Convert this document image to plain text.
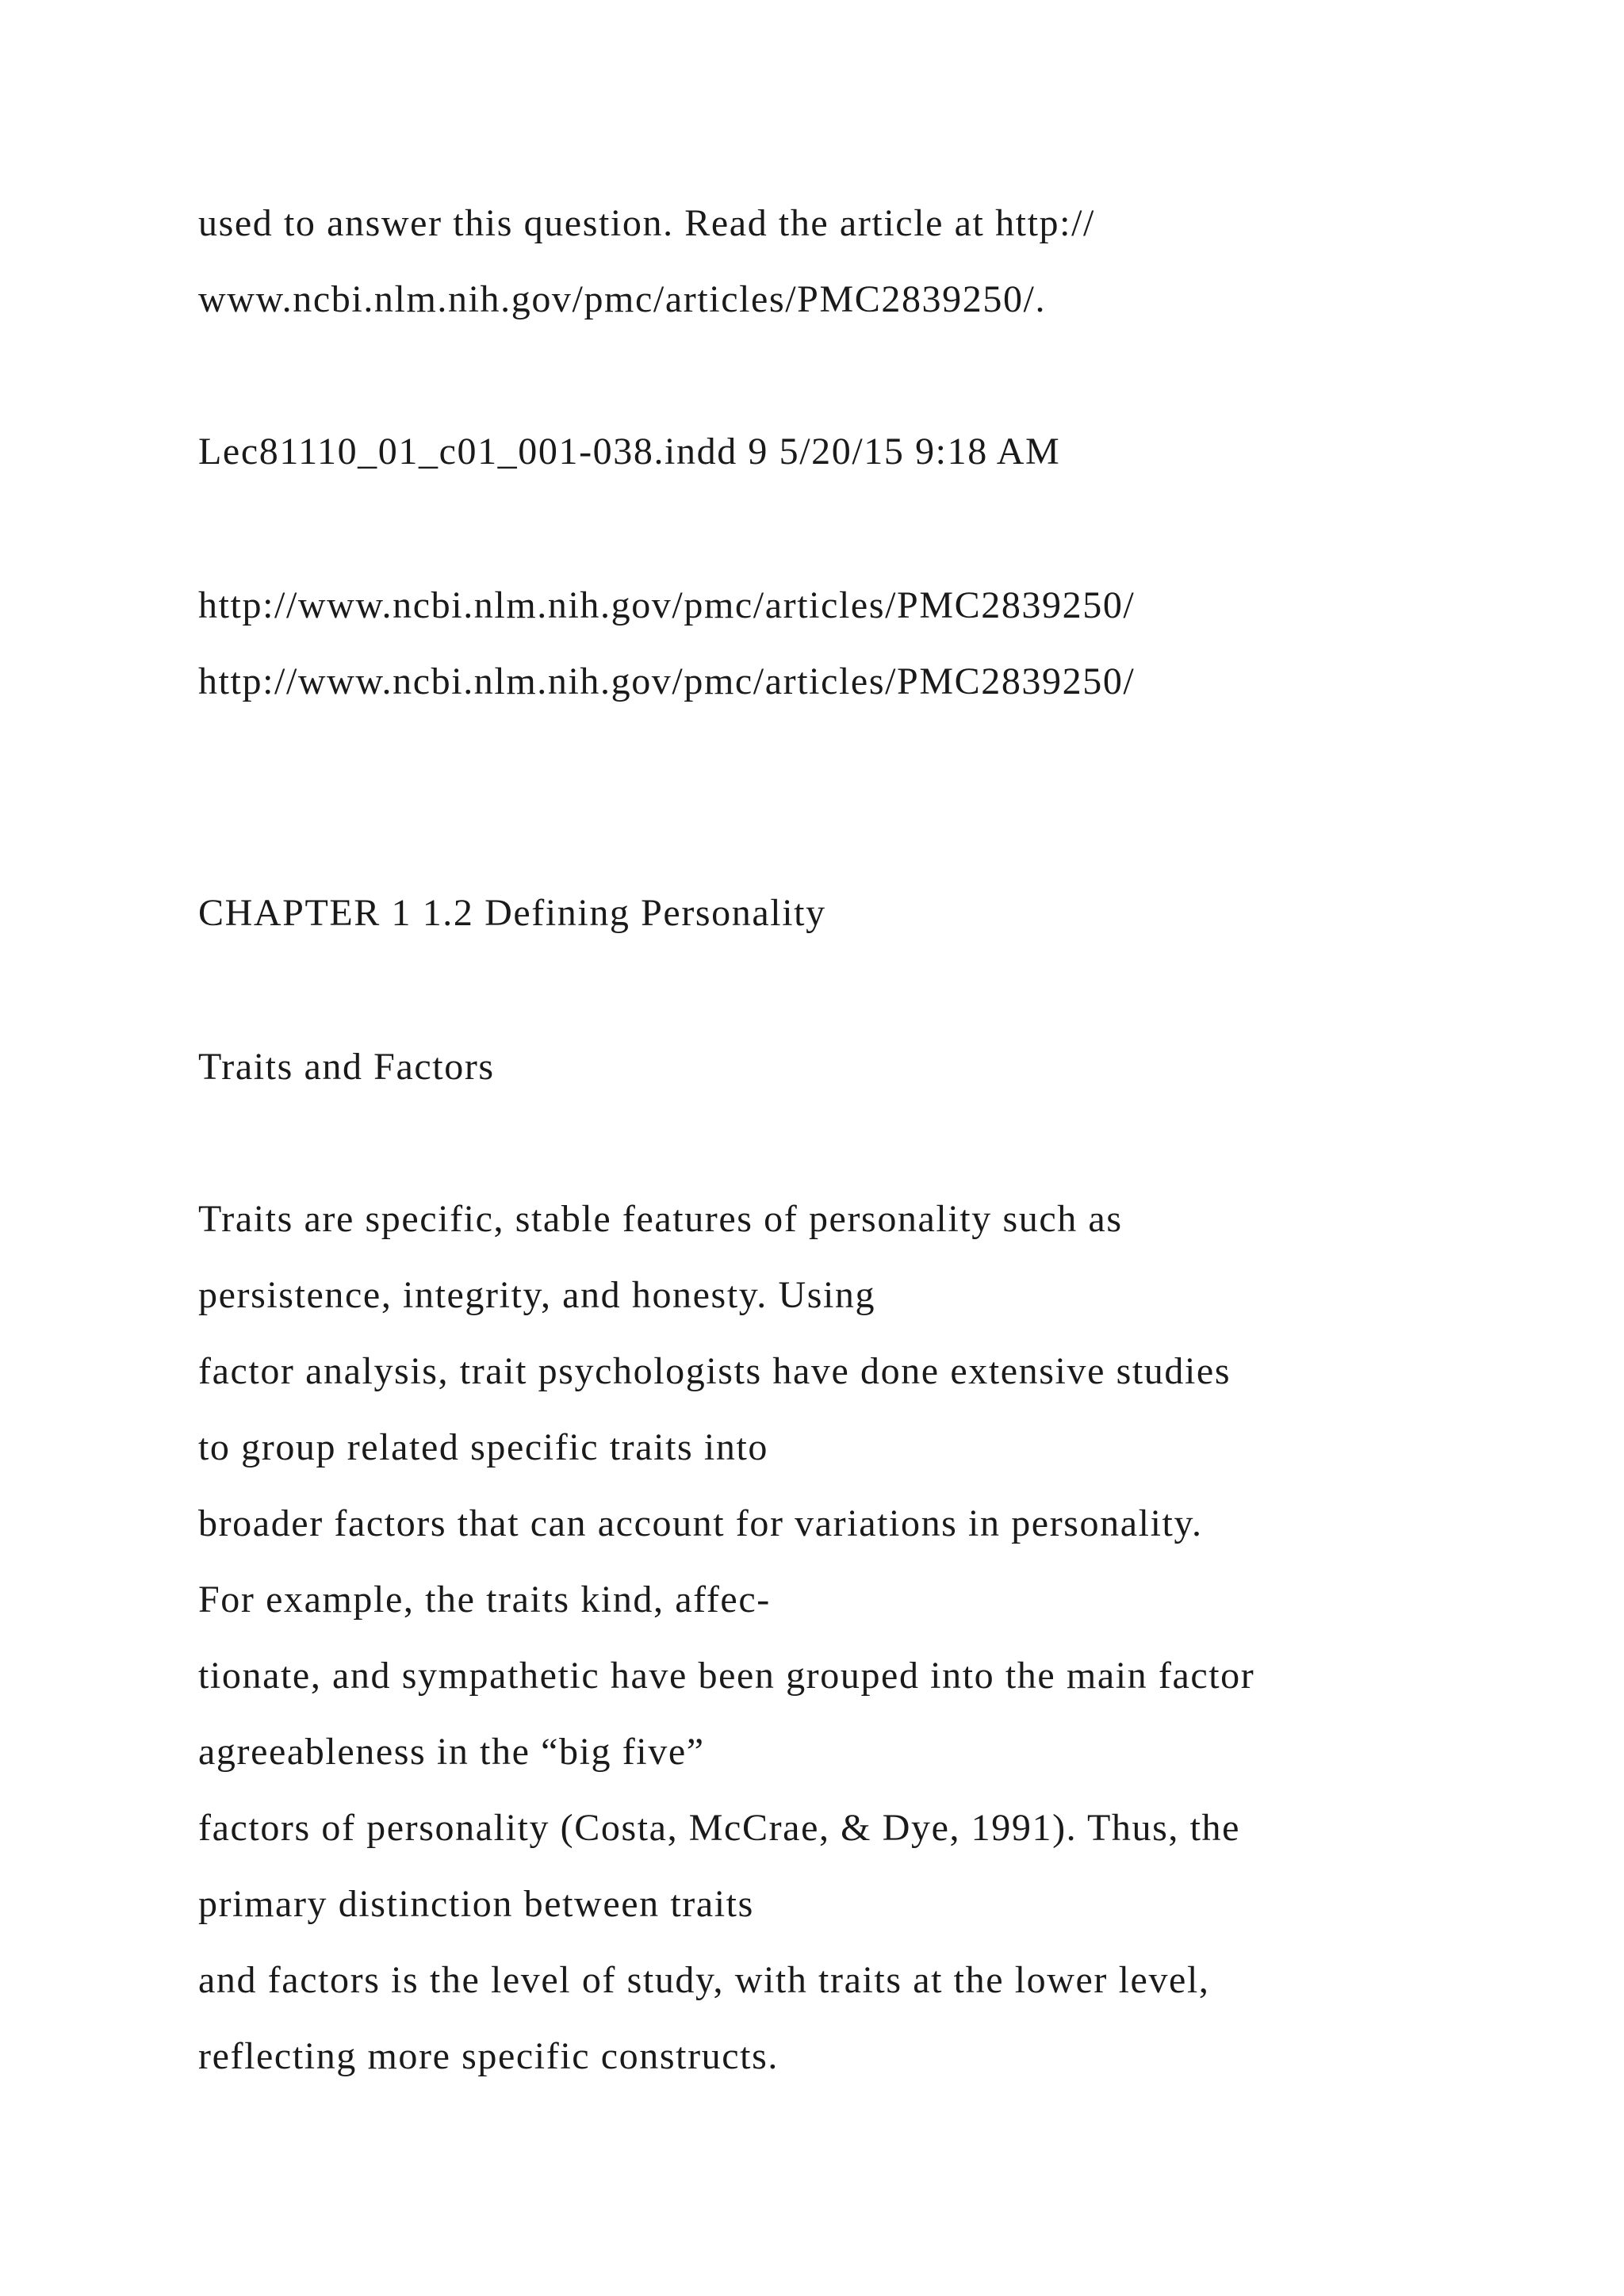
used to answer this question. Read the article at http://

www.ncbi.nlm.nih.gov/pmc/articles/PMC2839250/.

Lec81110_01_c01_001-038.indd 9 5/20/15 9:18 AM

http://www.ncbi.nlm.nih.gov/pmc/articles/PMC2839250/

http://www.ncbi.nlm.nih.gov/pmc/articles/PMC2839250/

CHAPTER 1 1.2 Defining Personality

Traits and Factors

Traits are specific, stable features of personality such as

persistence, integrity, and honesty. Using

factor analysis, trait psychologists have done extensive studies

to group related specific traits into

broader factors that can account for variations in personality.

For example, the traits kind, affec-

tionate, and sympathetic have been grouped into the main factor

agreeableness in the “big five”

factors of personality (Costa, McCrae, & Dye, 1991). Thus, the

primary distinction between traits

and factors is the level of study, with traits at the lower level,

reflecting more specific constructs.
